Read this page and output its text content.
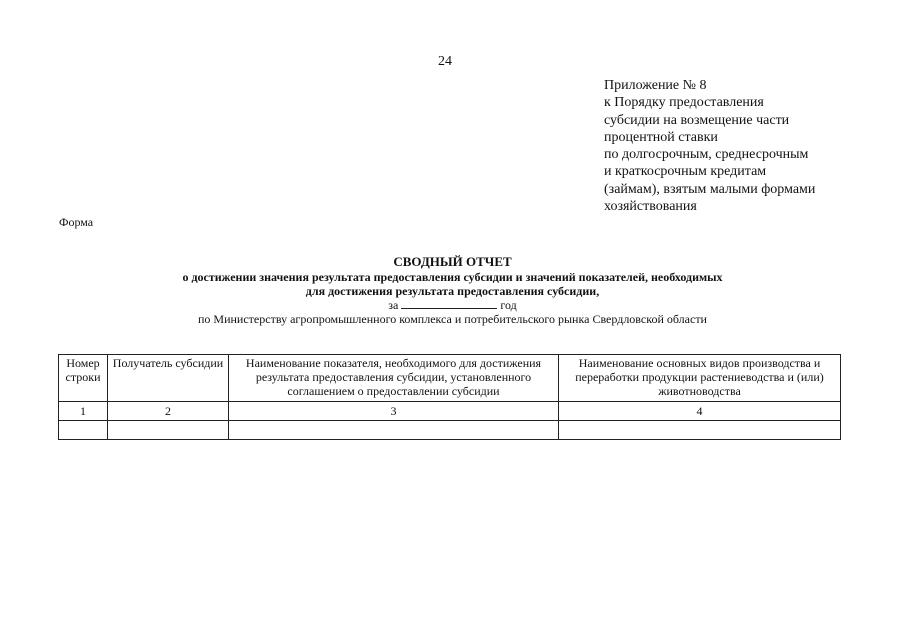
24
Приложение № 8
к Порядку предоставления
субсидии на возмещение части
процентной ставки
по долгосрочным, среднесрочным
и краткосрочным кредитам
(займам), взятым малыми формами
хозяйствования
Форма
СВОДНЫЙ ОТЧЕТ
о достижении значения результата предоставления субсидии и значений показателей, необходимых
для достижения результата предоставления субсидии,
за	год
по Министерству агропромышленного комплекса и потребительского рынка Свердловской области
Номер строки	Получатель субсидии	Наименование показателя, необходимого для достижения результата предоставления субсидии, установленного соглашением о предоставлении субсидии	Наименование основных видов производства и переработки продукции растениеводства и (или) животноводства
1	2	3	4
